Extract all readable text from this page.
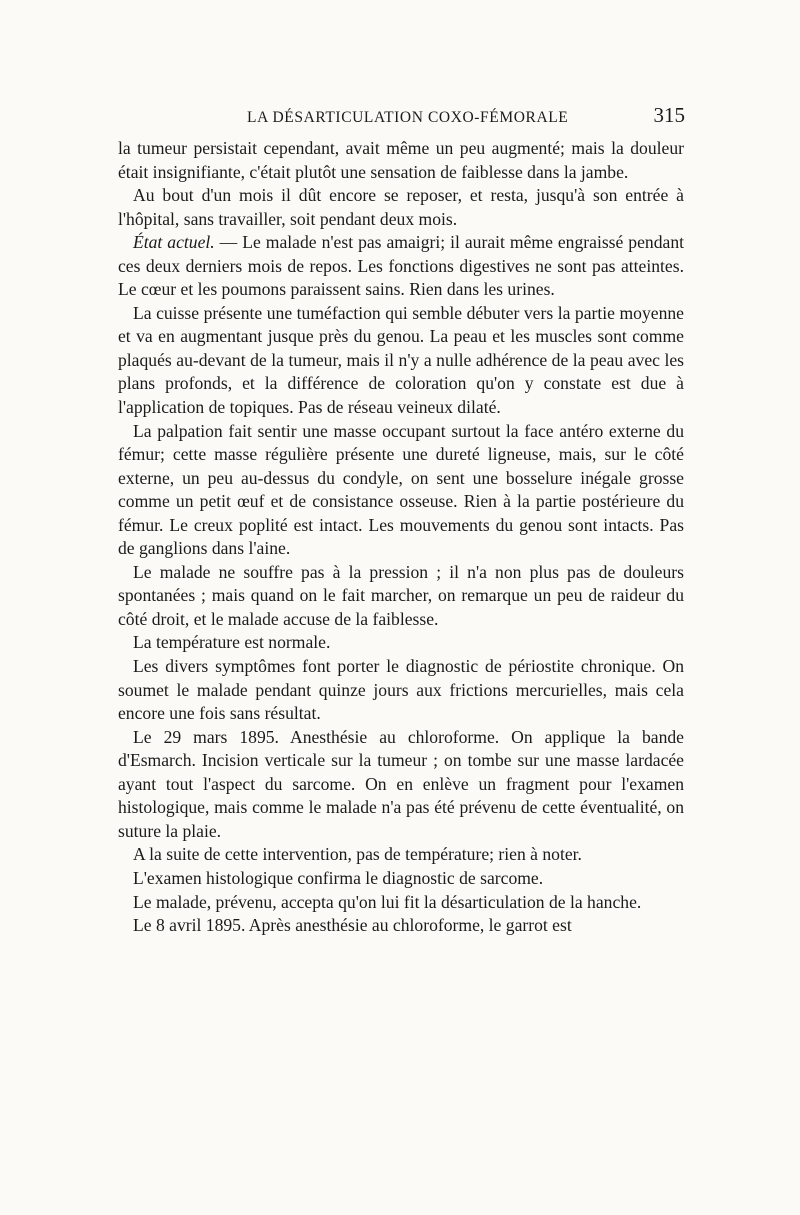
LA DÉSARTICULATION COXO-FÉMORALE	315

la tumeur persistait cependant, avait même un peu augmenté; mais la douleur était insignifiante, c'était plutôt une sensation de faiblesse dans la jambe.

Au bout d'un mois il dût encore se reposer, et resta, jusqu'à son entrée à l'hôpital, sans travailler, soit pendant deux mois.

État actuel. — Le malade n'est pas amaigri; il aurait même engraissé pendant ces deux derniers mois de repos. Les fonctions digestives ne sont pas atteintes. Le cœur et les poumons paraissent sains. Rien dans les urines.

La cuisse présente une tuméfaction qui semble débuter vers la partie moyenne et va en augmentant jusque près du genou. La peau et les muscles sont comme plaqués au-devant de la tumeur, mais il n'y a nulle adhérence de la peau avec les plans profonds, et la différence de coloration qu'on y constate est due à l'application de topiques. Pas de réseau veineux dilaté.

La palpation fait sentir une masse occupant surtout la face antéro externe du fémur; cette masse régulière présente une dureté ligneuse, mais, sur le côté externe, un peu au-dessus du condyle, on sent une bosselure inégale grosse comme un petit œuf et de consistance osseuse. Rien à la partie postérieure du fémur. Le creux poplité est intact. Les mouvements du genou sont intacts. Pas de ganglions dans l'aine.

Le malade ne souffre pas à la pression ; il n'a non plus pas de douleurs spontanées ; mais quand on le fait marcher, on remarque un peu de raideur du côté droit, et le malade accuse de la faiblesse.

La température est normale.

Les divers symptômes font porter le diagnostic de périostite chronique. On soumet le malade pendant quinze jours aux frictions mercurielles, mais cela encore une fois sans résultat.

Le 29 mars 1895. Anesthésie au chloroforme. On applique la bande d'Esmarch. Incision verticale sur la tumeur ; on tombe sur une masse lardacée ayant tout l'aspect du sarcome. On en enlève un fragment pour l'examen histologique, mais comme le malade n'a pas été prévenu de cette éventualité, on suture la plaie.

A la suite de cette intervention, pas de température; rien à noter.

L'examen histologique confirma le diagnostic de sarcome.

Le malade, prévenu, accepta qu'on lui fit la désarticulation de la hanche.

Le 8 avril 1895. Après anesthésie au chloroforme, le garrot est
